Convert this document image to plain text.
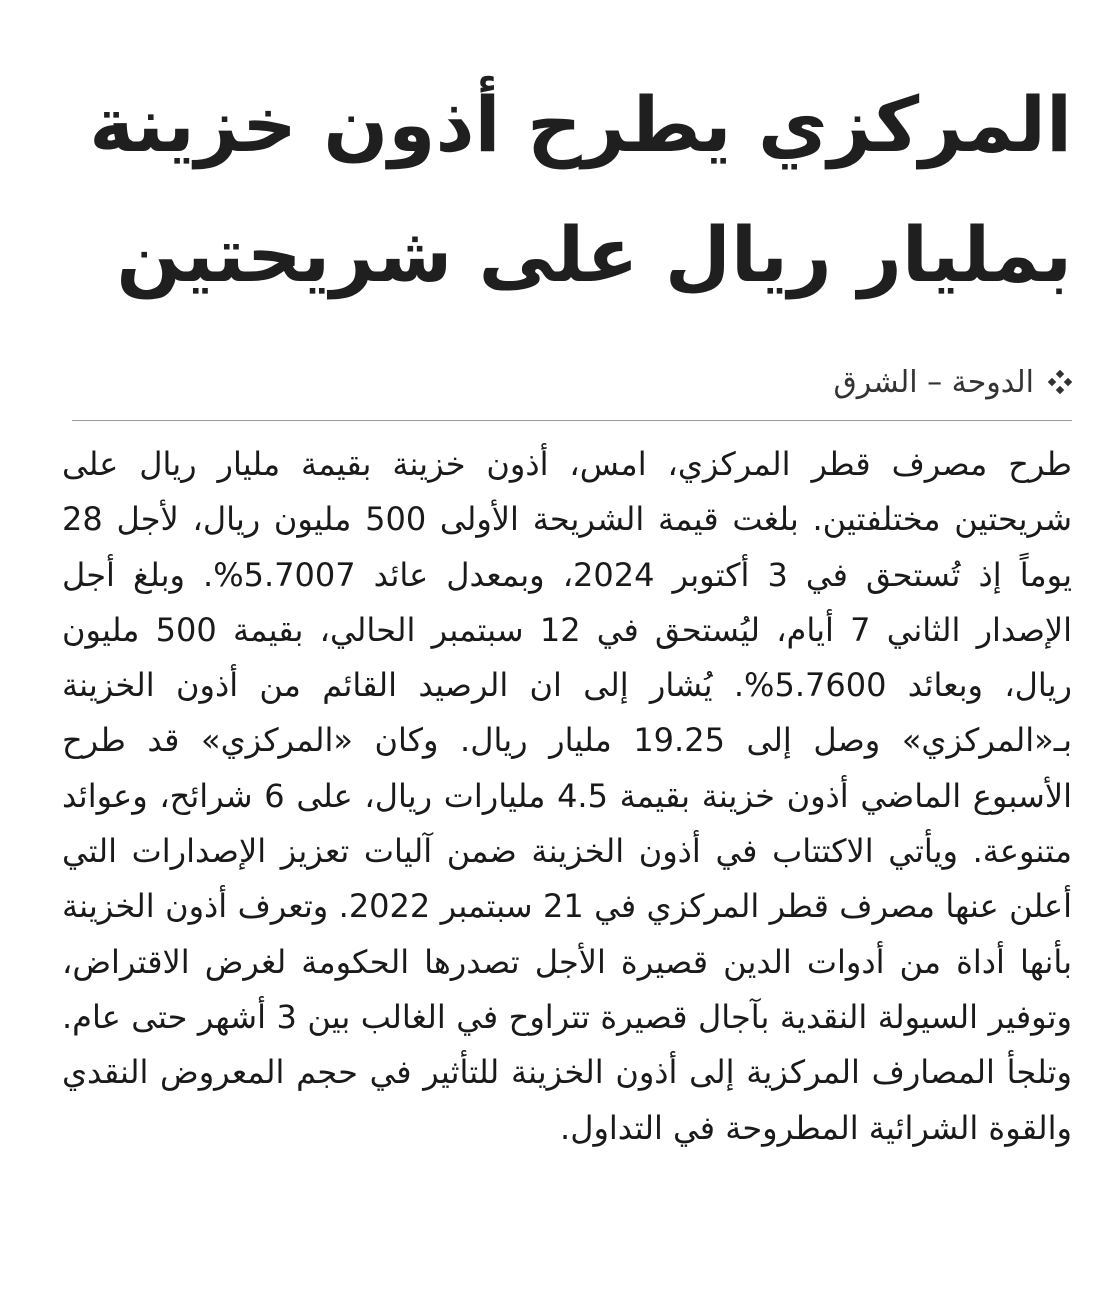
المركزي يطرح أذون خزينة بمليار ريال على شريحتين
الدوحة – الشرق

طرح مصرف قطر المركزي، امس، أذون خزينة بقيمة مليار ريال على شريحتين مختلفتين. بلغت قيمة الشريحة الأولى 500 مليون ريال، لأجل 28 يوماً إذ تُستحق في 3 أكتوبر 2024، وبمعدل عائد 5.7007%. وبلغ أجل الإصدار الثاني 7 أيام، ليُستحق في 12 سبتمبر الحالي، بقيمة 500 مليون ريال، وبعائد 5.7600%. يُشار إلى ان الرصيد القائم من أذون الخزينة بـ«المركزي» وصل إلى 19.25 مليار ريال. وكان «المركزي» قد طرح الأسبوع الماضي أذون خزينة بقيمة 4.5 مليارات ريال، على 6 شرائح، وعوائد متنوعة. ويأتي الاكتتاب في أذون الخزينة ضمن آليات تعزيز الإصدارات التي أعلن عنها مصرف قطر المركزي في 21 سبتمبر 2022. وتعرف أذون الخزينة بأنها أداة من أدوات الدين قصيرة الأجل تصدرها الحكومة لغرض الاقتراض، وتوفير السيولة النقدية بآجال قصيرة تتراوح في الغالب بين 3 أشهر حتى عام. وتلجأ المصارف المركزية إلى أذون الخزينة للتأثير في حجم المعروض النقدي والقوة الشرائية المطروحة في التداول.
